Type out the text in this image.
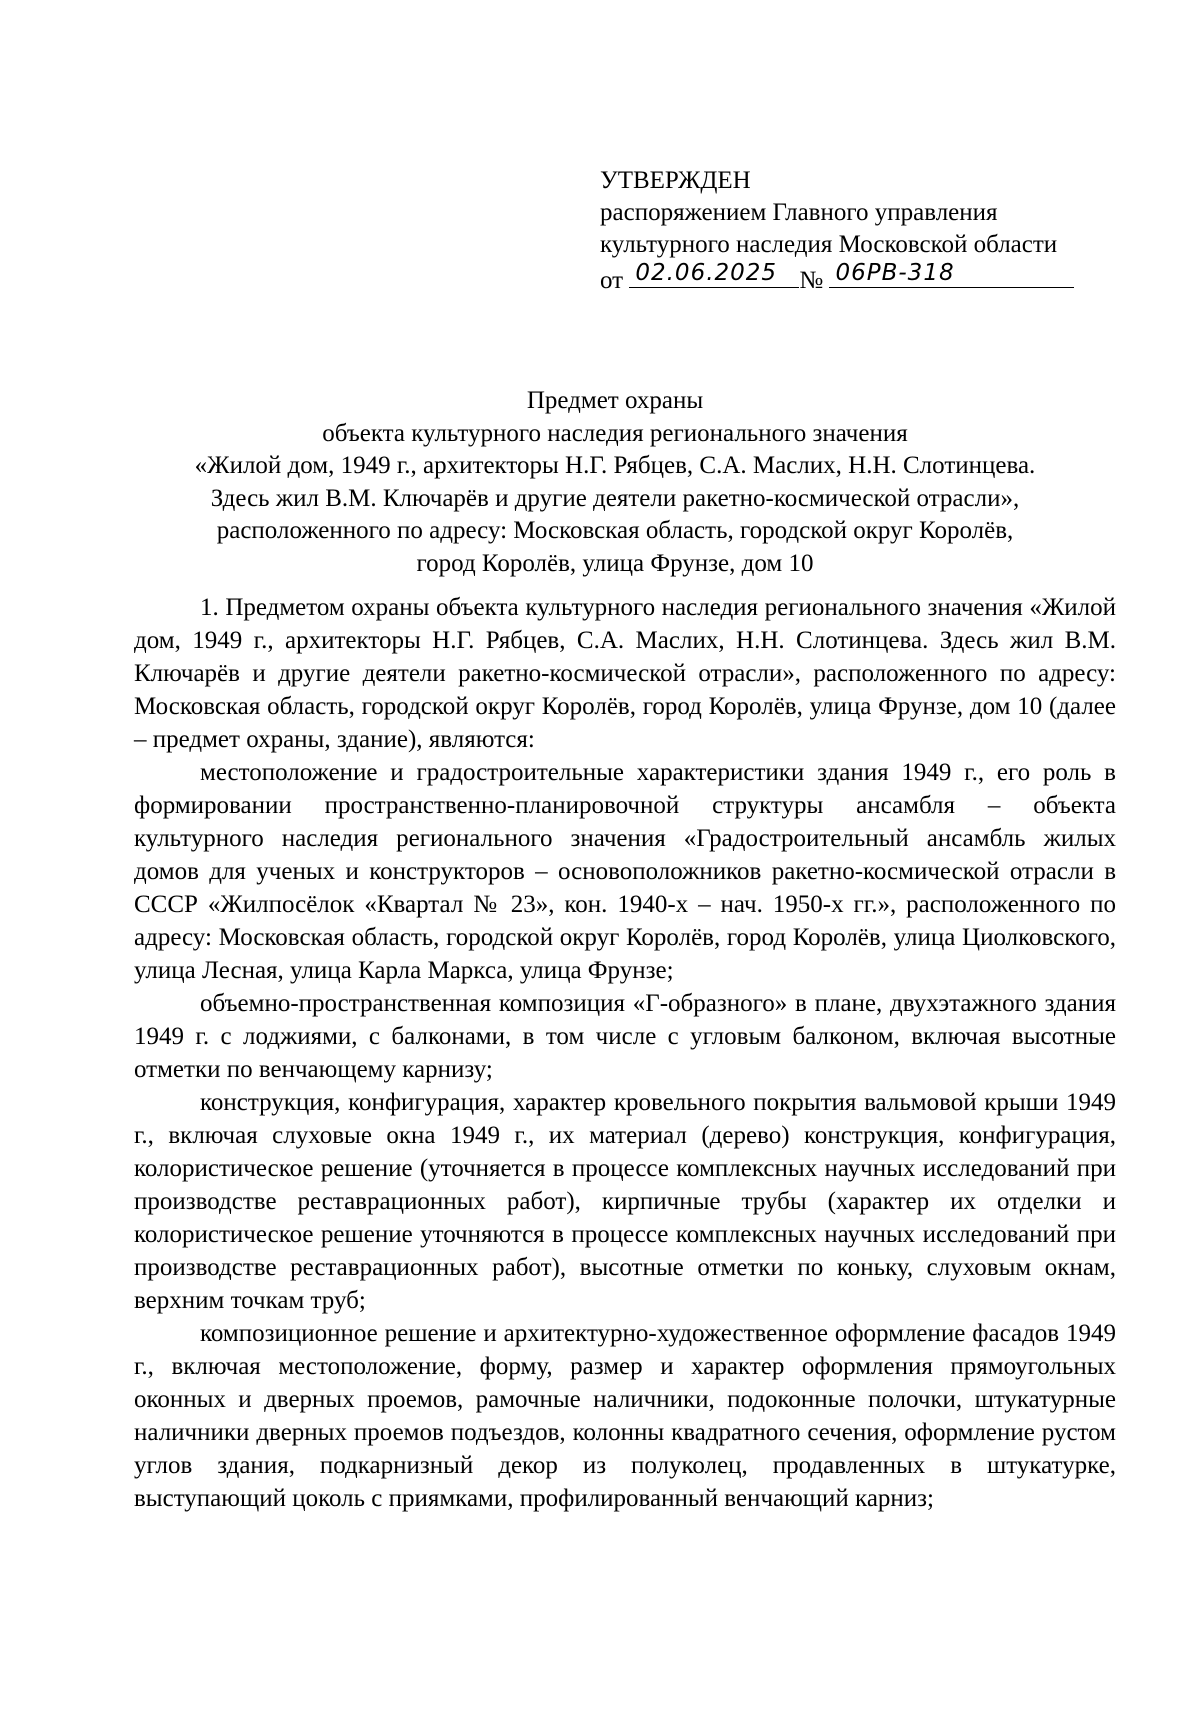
УТВЕРЖДЕН
распоряжением Главного управления
культурного наследия Московской области
от 02.06.2025 № 06РВ-318
Предмет охраны
объекта культурного наследия регионального значения
«Жилой дом, 1949 г., архитекторы Н.Г. Рябцев, С.А. Маслих, Н.Н. Слотинцева.
Здесь жил В.М. Ключарёв и другие деятели ракетно-космической отрасли»,
расположенного по адресу: Московская область, городской округ Королёв,
город Королёв, улица Фрунзе, дом 10

1. Предметом охраны объекта культурного наследия регионального значения «Жилой дом, 1949 г., архитекторы Н.Г. Рябцев, С.А. Маслих, Н.Н. Слотинцева. Здесь жил В.М. Ключарёв и другие деятели ракетно-космической отрасли», расположенного по адресу: Московская область, городской округ Королёв, город Королёв, улица Фрунзе, дом 10 (далее – предмет охраны, здание), являются:

местоположение и градостроительные характеристики здания 1949 г., его роль в формировании пространственно-планировочной структуры ансамбля – объекта культурного наследия регионального значения «Градостроительный ансамбль жилых домов для ученых и конструкторов – основоположников ракетно-космической отрасли в СССР «Жилпосёлок «Квартал № 23», кон. 1940-х – нач. 1950-х гг.», расположенного по адресу: Московская область, городской округ Королёв, город Королёв, улица Циолковского, улица Лесная, улица Карла Маркса, улица Фрунзе;

объемно-пространственная композиция «Г-образного» в плане, двухэтажного здания 1949 г. с лоджиями, с балконами, в том числе с угловым балконом, включая высотные отметки по венчающему карнизу;

конструкция, конфигурация, характер кровельного покрытия вальмовой крыши 1949 г., включая слуховые окна 1949 г., их материал (дерево) конструкция, конфигурация, колористическое решение (уточняется в процессе комплексных научных исследований при производстве реставрационных работ), кирпичные трубы (характер их отделки и колористическое решение уточняются в процессе комплексных научных исследований при производстве реставрационных работ), высотные отметки по коньку, слуховым окнам, верхним точкам труб;

композиционное решение и архитектурно-художественное оформление фасадов 1949 г., включая местоположение, форму, размер и характер оформления прямоугольных оконных и дверных проемов, рамочные наличники, подоконные полочки, штукатурные наличники дверных проемов подъездов, колонны квадратного сечения, оформление рустом углов здания, подкарнизный декор из полуколец, продавленных в штукатурке, выступающий цоколь с приямками, профилированный венчающий карниз;
